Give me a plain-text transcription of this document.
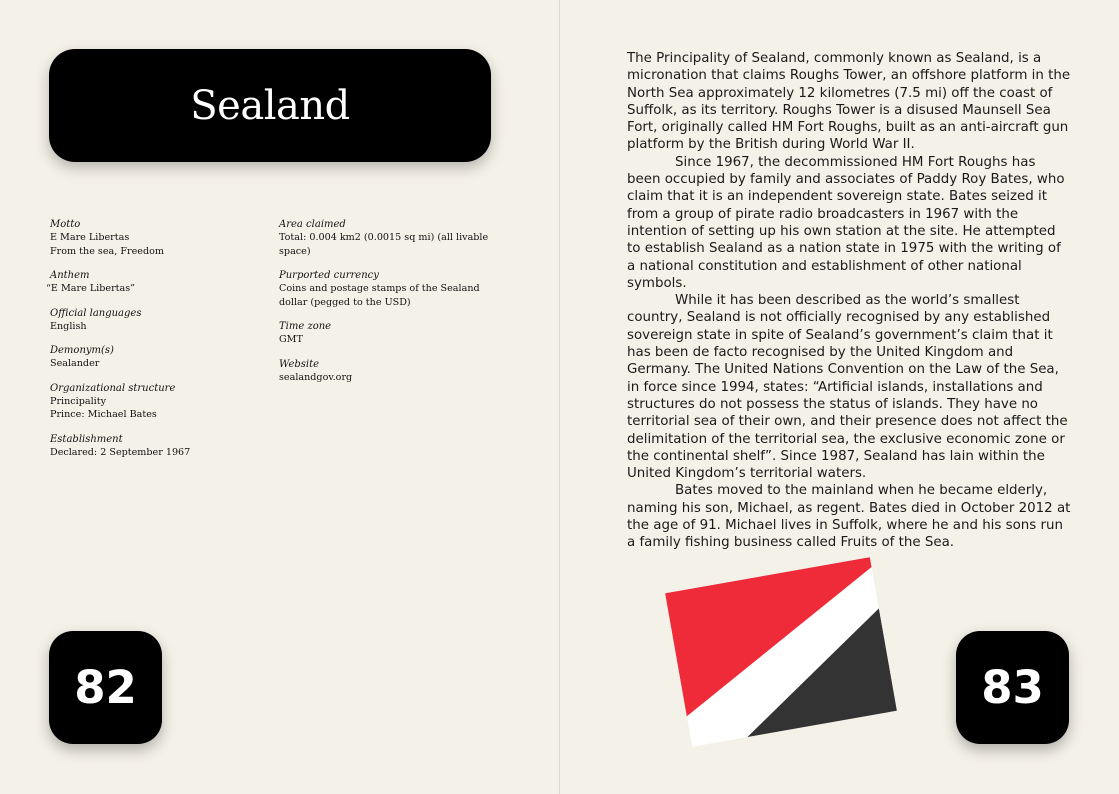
Sealand
Motto
E Mare Libertas
From the sea, Freedom
Anthem
“E Mare Libertas”
Official languages
English
Demonym(s)
Sealander
Organizational structure
Principality
Prince: Michael Bates
Establishment
Declared: 2 September 1967
Area claimed
Total: 0.004 km2 (0.0015 sq mi) (all livable space)
Purported currency
Coins and postage stamps of the Sealand dollar (pegged to the USD)
Time zone
GMT
Website
sealandgov.org
82

The Principality of Sealand, commonly known as Sealand, is a micronation that claims Roughs Tower, an offshore platform in the North Sea approximately 12 kilometres (7.5 mi) off the coast of Suffolk, as its territory. Roughs Tower is a disused Maunsell Sea Fort, originally called HM Fort Roughs, built as an anti-aircraft gun platform by the British during World War II.

Since 1967, the decommissioned HM Fort Roughs has been occupied by family and associates of Paddy Roy Bates, who claim that it is an independent sovereign state. Bates seized it from a group of pirate radio broadcasters in 1967 with the intention of setting up his own station at the site. He attempted to establish Sealand as a nation state in 1975 with the writing of a national constitution and establishment of other national symbols.

While it has been described as the world’s smallest country, Sealand is not officially recognised by any established sovereign state in spite of Sealand’s government’s claim that it has been de facto recognised by the United Kingdom and Germany. The United Nations Convention on the Law of the Sea, in force since 1994, states: “Artificial islands, installations and structures do not possess the status of islands. They have no territorial sea of their own, and their presence does not affect the delimitation of the territorial sea, the exclusive economic zone or the continental shelf”. Since 1987, Sealand has lain within the United Kingdom’s territorial waters.

Bates moved to the mainland when he became elderly, naming his son, Michael, as regent. Bates died in October 2012 at the age of 91. Michael lives in Suffolk, where he and his sons run a family fishing business called Fruits of the Sea.

83
